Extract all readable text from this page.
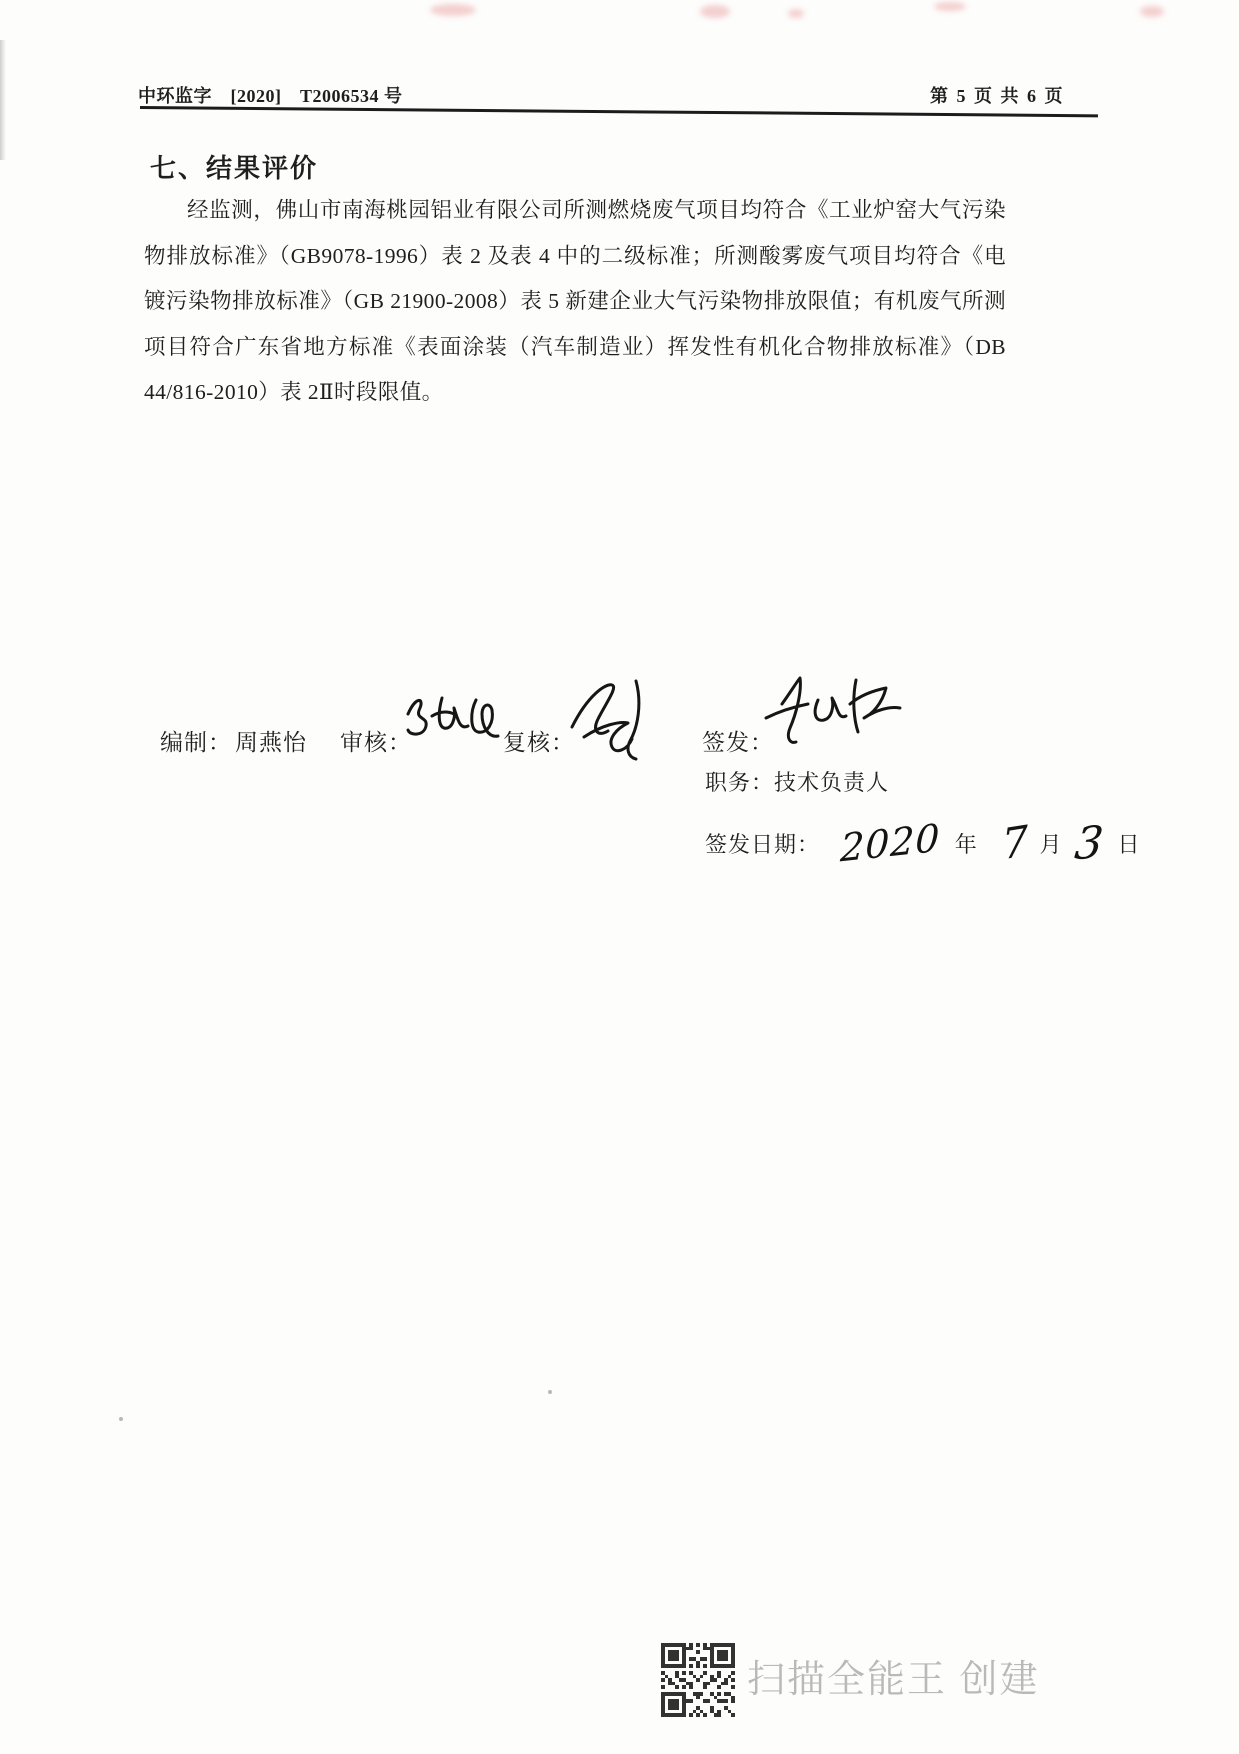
中环监字　[2020]　T2006534 号	第 5 页 共 6 页
七、结果评价
经监测，佛山市南海桃园铝业有限公司所测燃烧废气项目均符合《工业炉窑大气污染物排放标准》（GB9078-1996）表 2 及表 4 中的二级标准；所测酸雾废气项目均符合《电镀污染物排放标准》（GB 21900-2008）表 5 新建企业大气污染物排放限值；有机废气所测项目符合广东省地方标准《表面涂装（汽车制造业）挥发性有机化合物排放标准》（DB 44/816-2010）表 2Ⅱ时段限值。
编制： 周燕怡 审核：	复核：	签发：
职务：技术负责人
签发日期： 2020 年 7 月 3 日
扫描全能王 创建
